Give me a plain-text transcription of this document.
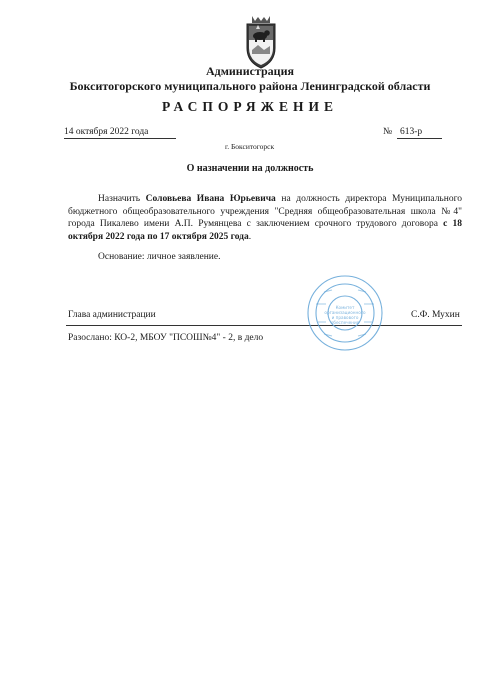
Администрация
Бокситогорского муниципального района Ленинградской области
РАСПОРЯЖЕНИЕ
14 октября 2022 года	№ 613-р
г. Бокситогорск
О назначении на должность
Назначить Соловьева Ивана Юрьевича на должность директора Муниципального бюджетного общеобразовательного учреждения "Средняя общеобразовательная школа №4" города Пикалево имени А.П. Румянцева с заключением срочного трудового договора с 18 октября 2022 года по 17 октября 2025 года.
Основание: личное заявление.
Глава администрации	С.Ф. Мухин
Разослано: КО-2, МБОУ "ПСОШ№4" - 2, в дело
Комитет
организационного
и правового
обеспечения
